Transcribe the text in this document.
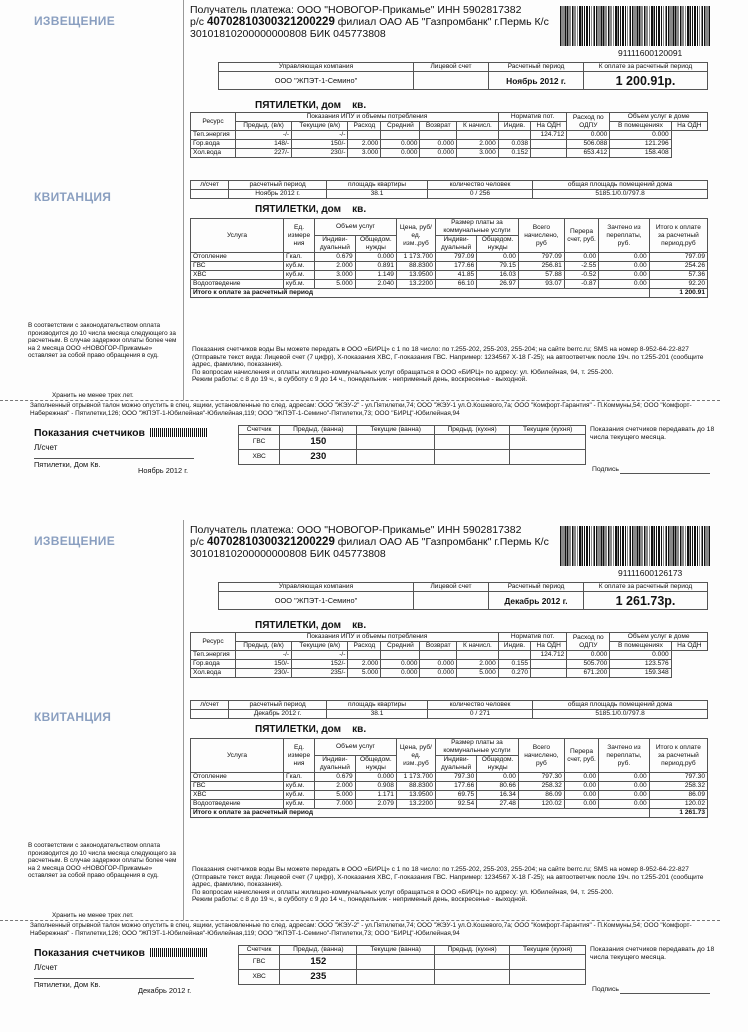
ИЗВЕЩЕНИЕ
КВИТАНЦИЯ
Получатель платежа: ООО "НОВОГОР-Прикамье" ИНН 5902817382
р/с 40702810300321200229 филиал ОАО АБ "Газпромбанк" г.Пермь К/с
30101810200000000808 БИК 045773808
91111600120091
Управляющая компания	Лицевой счет	Расчетный период	К оплате за расчетный период
ООО "ЖПЭТ-1-Семино"		Ноябрь 2012 г.	1 200.91р.
ПЯТИЛЕТКИ, дом кв.
Ресурс	Показания ИПУ и объемы потребления						Норматив пот.		Расход по ОДПУ	Объем услуг в доме	
	Предыд. (в/к)	Текущие (в/к)	Расход	Средний	Возврат	К начисл.	Индив.	На ОДН		В помещениях	На ОДН
Теп.энергия	-/-	-/-						124.712	0.000	0.000	
Гор.вода	148/-	150/-	2.000	0.000	0.000	2.000	0.038		506.088	121.296	
Хол.вода	227/-	230/-	3.000	0.000	0.000	3.000	0.152		653.412	158.408	
л/счет	расчетный период	площадь квартиры	количество человек	общая площадь помещений дома
	Ноябрь 2012 г.	38.1	0 / 256	5185.1/0.0/797.8
ПЯТИЛЕТКИ, дом кв.
Услуга	Ед. измере ния	Объем услуг		Цена, руб/ед. изм.,руб	Размер платы за коммунальные услуги		Всего начислено, руб	Перера счет, руб.	Зачтено из переплаты, руб.	Итого к оплате за расчетный период,руб
		Индиви- дуальный	Общедом. нужды		Индиви- дуальный	Общедом. нужды				
Отопление	Гкал.	0.679	0.000	1 173.700	797.09	0.00	797.09	0.00	0.00	797.09
ГВС	куб.м.	2.000	0.891	88.8300	177.66	79.15	256.81	-2.55	0.00	254.26
ХВС	куб.м.	3.000	1.149	13.9500	41.85	16.03	57.88	-0.52	0.00	57.36
Водоотведение	куб.м.	5.000	2.040	13.2200	66.10	26.97	93.07	-0.87	0.00	92.20
Итого к оплате за расчетный период										1 200.91
В соответствии с законодательством оплата производится до 10 числа месяца следующего за расчетным. В случае задержки оплаты более чем на 2 месяца ООО «НОВОГОР-Прикамье» оставляет за собой право обращения в суд.
Хранить не менее трех лет.
Показания счетчиков воды Вы можете передать в ООО «БИРЦ» с 1 по 18 число: по т.255-202, 255-203, 255-204; на сайте berrc.ru; SMS на номер 8-952-64-22-827 (Отправьте текст вида: Лицевой счет (7 цифр), Х-показания ХВС, Г-показания ГВС. Например: 1234567 Х-18 Г-25); на автоответчик после 19ч. по т.255-201 (сообщите адрес, фамилию, показания).
По вопросам начисления и оплаты жилищно-коммунальных услуг обращаться в ООО «БИРЦ» по адресу: ул. Юбилейная, 94, т. 255-200.
Режим работы: с 8 до 19 ч., в субботу с 9 до 14 ч., понедельник - неприменый день, воскресенье - выходной.
Заполненный отрывной талон можно опустить в спец. ящики, установленные по след. адресам: ООО "ЖЭУ-2" - ул.Пятилетки,74; ООО "ЖЭУ-1 ул.О.Кошевого,7а; ООО "Комфорт-Гарантия" - П.Коммуны,54; ООО "Комфорт-Набережная" - Пятилетки,126; ООО "ЖПЭТ-1-Юбилейная"-Юбилейная,119; ООО "ЖПЭТ-1-Семино"-Пятилетки,73; ООО "БИРЦ"-Юбилейная,94
Показания счетчиков
Л/счет
Пятилетки, Дом Кв.
Ноябрь 2012 г.
Счетчик	Предыд. (ванна)	Текущие (ванна)	Предыд. (кухня)	Текущие (кухня)
ГВС	150			
ХВС	230			
Показания счетчиков передавать до 18 числа текущего месяца.
Подпись
ИЗВЕЩЕНИЕ
КВИТАНЦИЯ
Получатель платежа: ООО "НОВОГОР-Прикамье" ИНН 5902817382
р/с 40702810300321200229 филиал ОАО АБ "Газпромбанк" г.Пермь К/с
30101810200000000808 БИК 045773808
91111600126173
Управляющая компания	Лицевой счет	Расчетный период	К оплате за расчетный период
ООО "ЖПЭТ-1-Семино"		Декабрь 2012 г.	1 261.73р.
ПЯТИЛЕТКИ, дом кв.
Ресурс	Показания ИПУ и объемы потребления						Норматив пот.		Расход по ОДПУ	Объем услуг в доме	
	Предыд. (в/к)	Текущие (в/к)	Расход	Средний	Возврат	К начисл.	Индив.	На ОДН		В помещениях	На ОДН
Теп.энергия	-/-	-/-						124.712	0.000	0.000	
Гор.вода	150/-	152/-	2.000	0.000	0.000	2.000	0.155		505.700	123.576	
Хол.вода	230/-	235/-	5.000	0.000	0.000	5.000	0.270		671.200	159.348	
л/счет	расчетный период	площадь квартиры	количество человек	общая площадь помещений дома
	Декабрь 2012 г.	38.1	0 / 271	5185.1/0.0/797.8
ПЯТИЛЕТКИ, дом кв.
Услуга	Ед. измере ния	Объем услуг		Цена, руб/ед. изм.,руб	Размер платы за коммунальные услуги		Всего начислено, руб	Перера счет, руб.	Зачтено из переплаты, руб.	Итого к оплате за расчетный период,руб
		Индиви- дуальный	Общедом. нужды		Индиви- дуальный	Общедом. нужды				
Отопление	Гкал.	0.679	0.000	1 173.700	797.30	0.00	797.30	0.00	0.00	797.30
ГВС	куб.м.	2.000	0.908	88.8300	177.66	80.66	258.32	0.00	0.00	258.32
ХВС	куб.м.	5.000	1.171	13.9500	69.75	16.34	86.09	0.00	0.00	86.09
Водоотведение	куб.м.	7.000	2.079	13.2200	92.54	27.48	120.02	0.00	0.00	120.02
Итого к оплате за расчетный период										1 261.73
В соответствии с законодательством оплата производится до 10 числа месяца следующего за расчетным. В случае задержки оплаты более чем на 2 месяца ООО «НОВОГОР-Прикамье» оставляет за собой право обращения в суд.
Хранить не менее трех лет.
Показания счетчиков воды Вы можете передать в ООО «БИРЦ» с 1 по 18 число: по т.255-202, 255-203, 255-204; на сайте berrc.ru; SMS на номер 8-952-64-22-827 (Отправьте текст вида: Лицевой счет (7 цифр), Х-показания ХВС, Г-показания ГВС. Например: 1234567 Х-18 Г-25); на автоответчик после 19ч. по т.255-201 (сообщите адрес, фамилию, показания).
По вопросам начисления и оплаты жилищно-коммунальных услуг обращаться в ООО «БИРЦ» по адресу: ул. Юбилейная, 94, т. 255-200.
Режим работы: с 8 до 19 ч., в субботу с 9 до 14 ч., понедельник - неприменый день, воскресенье - выходной.
Заполненный отрывной талон можно опустить в спец. ящики, установленные по след. адресам: ООО "ЖЭУ-2" - ул.Пятилетки,74; ООО "ЖЭУ-1 ул.О.Кошевого,7а; ООО "Комфорт-Гарантия" - П.Коммуны,54; ООО "Комфорт-Набережная" - Пятилетки,126; ООО "ЖПЭТ-1-Юбилейная"-Юбилейная,119; ООО "ЖПЭТ-1-Семино"-Пятилетки,73; ООО "БИРЦ"-Юбилейная,94
Показания счетчиков
Л/счет
Пятилетки, Дом Кв.
Декабрь 2012 г.
Счетчик	Предыд. (ванна)	Текущие (ванна)	Предыд. (кухня)	Текущие (кухня)
ГВС	152			
ХВС	235			
Показания счетчиков передавать до 18 числа текущего месяца.
Подпись
